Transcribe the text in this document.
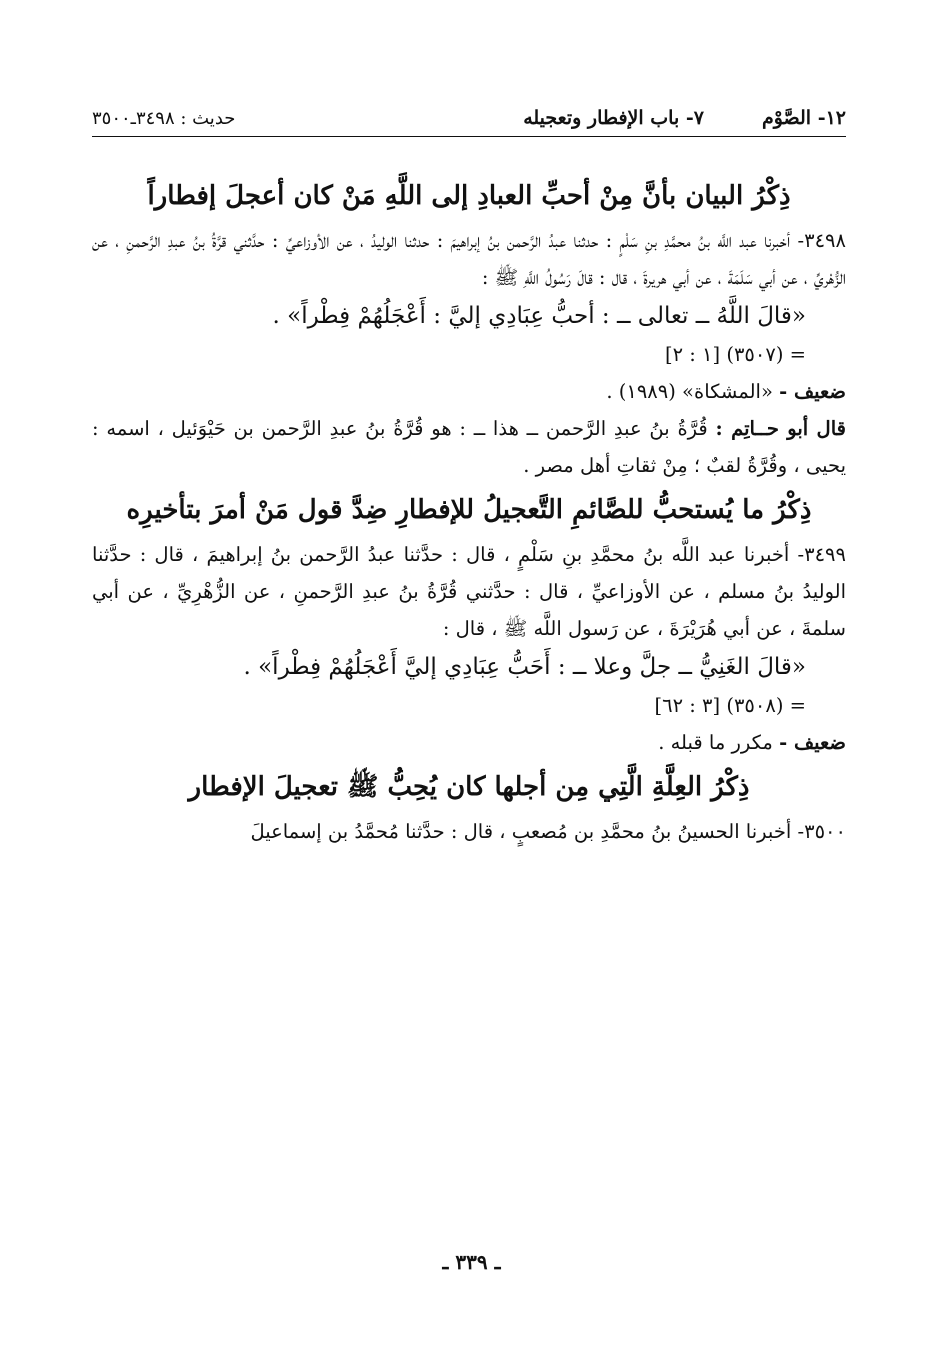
١٢- الصَّوْم
٧- باب الإفطار وتعجيله
حديث : ٣٤٩٨ـ٣٥٠٠
ذِكْرُ البيان بأنَّ مِنْ أحبِّ العبادِ إلى اللَّهِ مَنْ كان أعجلَ إفطاراً

٣٤٩٨- أخبرنا عبد اللَّه بنُ محمَّدِ بنِ سَلْمٍ : حدثنا عبدُ الرَّحمن بنُ إبراهيمَ : حدثنا الوليدُ ، عن الأوزاعيِّ : حدَّثني قرَّةُ بنُ عبدِ الرَّحمنِ ، عن الزُّهْريِّ ، عن أبي سَلَمَةَ ، عن أبي هريرةَ ، قال : قالَ رَسُولُ اللَّهِ ﷺ :

«قالَ اللَّهُ ــ تعالى ــ : أحبُّ عِبَادِي إليَّ : أَعْجَلُهُمْ فِطْراً» .

= (٣٥٠٧) [١ : ٢]

ضعيف - «المشكاة» (١٩٨٩) .

قال أبو حــاتِم : قُرَّةُ بنُ عبدِ الرَّحمن ــ هذا ــ : هو قُرَّةُ بنُ عبدِ الرَّحمن بن حَيْوَئيل ، اسمه : يحيى ، وقُرَّةُ لقبٌ ؛ مِنْ ثقاتِ أهل مصر .

ذِكْرُ ما يُستحبُّ للصَّائمِ التَّعجيلُ للإفطارِ ضِدَّ قول مَنْ أمرَ بتأخيرِه

٣٤٩٩- أخبرنا عبد اللَّه بنُ محمَّدِ بنِ سَلْمٍ ، قال : حدَّثنا عبدُ الرَّحمن بنُ إبراهيمَ ، قال : حدَّثنا الوليدُ بنُ مسلم ، عن الأوزاعيِّ ، قال : حدَّثني قُرَّةُ بنُ عبدِ الرَّحمنِ ، عن الزُّهْرِيِّ ، عن أبي سلمةَ ، عن أبي هُرَيْرَةَ ، عن رَسول اللَّه ﷺ ، قال :

«قالَ الغَنِيُّ ــ جلَّ وعلا ــ : أَحَبُّ عِبَادِي إليَّ أَعْجَلُهُمْ فِطْراً» .

= (٣٥٠٨) [٣ : ٦٢]

ضعيف - مكرر ما قبله .

ذِكْرُ العِلَّةِ الَّتِي مِن أجلها كان يُحِبُّ ﷺ تعجيلَ الإفطار

٣٥٠٠- أخبرنا الحسينُ بنُ محمَّدِ بن مُصعبٍ ، قال : حدَّثنا مُحمَّدُ بن إسماعيلَ

ـ ٣٣٩ ـ
